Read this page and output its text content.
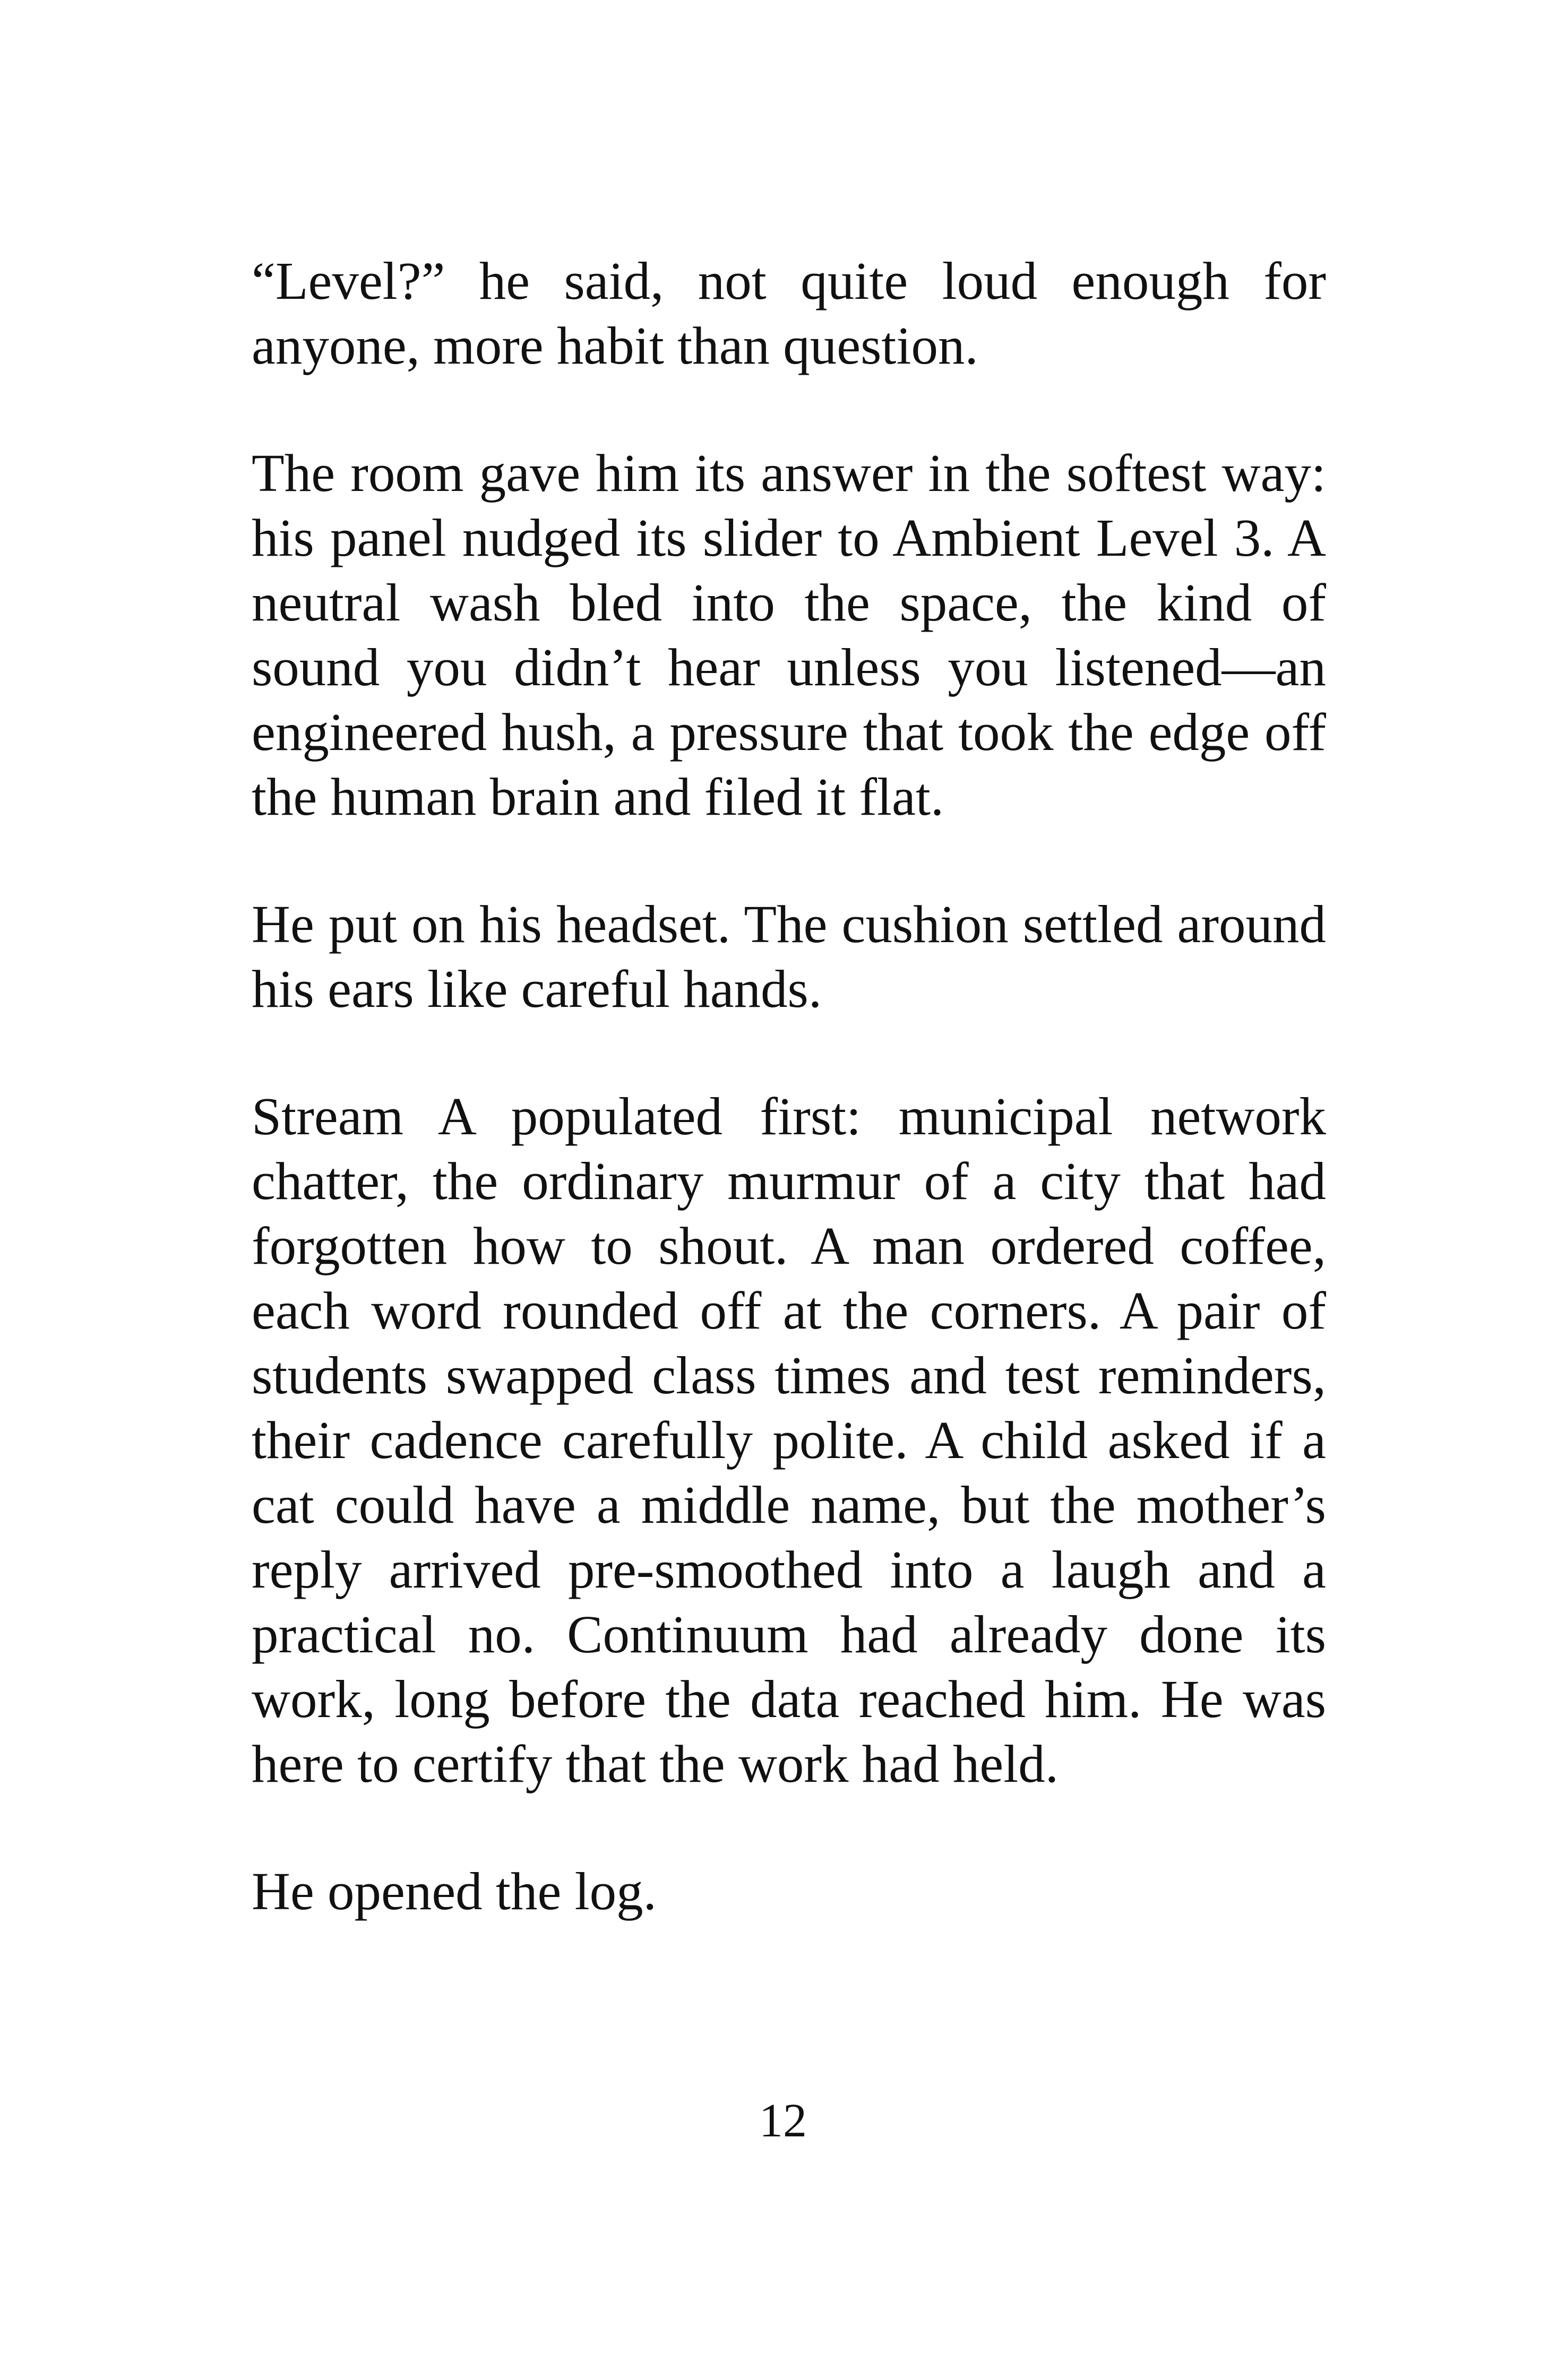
“Level?” he said, not quite loud enough for anyone, more habit than question.

The room gave him its answer in the softest way: his panel nudged its slider to Ambient Level 3. A neutral wash bled into the space, the kind of sound you didn’t hear unless you listened—an engineered hush, a pressure that took the edge off the human brain and filed it flat.

He put on his headset. The cushion settled around his ears like careful hands.

Stream A populated first: municipal network chatter, the ordinary murmur of a city that had forgotten how to shout. A man ordered coffee, each word rounded off at the corners. A pair of students swapped class times and test reminders, their cadence carefully polite. A child asked if a cat could have a middle name, but the mother’s reply arrived pre-smoothed into a laugh and a practical no. Continuum had already done its work, long before the data reached him. He was here to certify that the work had held.

He opened the log.

12
